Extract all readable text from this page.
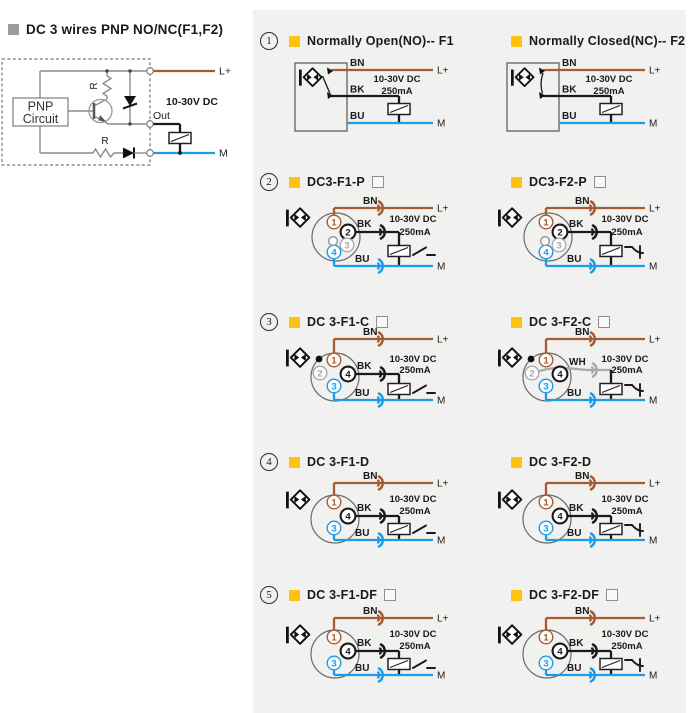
DC 3 wires PNP NO/NC(F1,F2)
PNP
Circuit
L+
M
Out
10-30V DC
R
R
1	Normally Open(NO)-- F1
BN
BK
BU
L+
M
10-30V DC
250mA
Normally Closed(NC)-- F2
BN
BK
BU
L+
M
10-30V DC
250mA
2	DC3-F1-P
1
2
3
4
BN
BK
BU
L+
M
10-30V DC
250mA
DC3-F2-P
1
2
3
4
BN
BK
BU
L+
M
10-30V DC
250mA
3	DC 3-F1-C
1
2 4
3
BN
BK
BU
L+
M
10-30V DC
250mA
DC 3-F2-C
1
2 4
3
BN
WH
BU
L+
M
10-30V DC
250mA
4	DC 3-F1-D
1
4
3
BN
BK
BU
L+
M
10-30V DC
250mA
DC 3-F2-D
1
4
3
BN
BK
BU
L+
M
10-30V DC
250mA
5	DC 3-F1-DF
1
4
3
BN
BK
BU
L+
M
10-30V DC
250mA
DC 3-F2-DF
1
4
3
BN
BK
BU
L+
M
10-30V DC
250mA
